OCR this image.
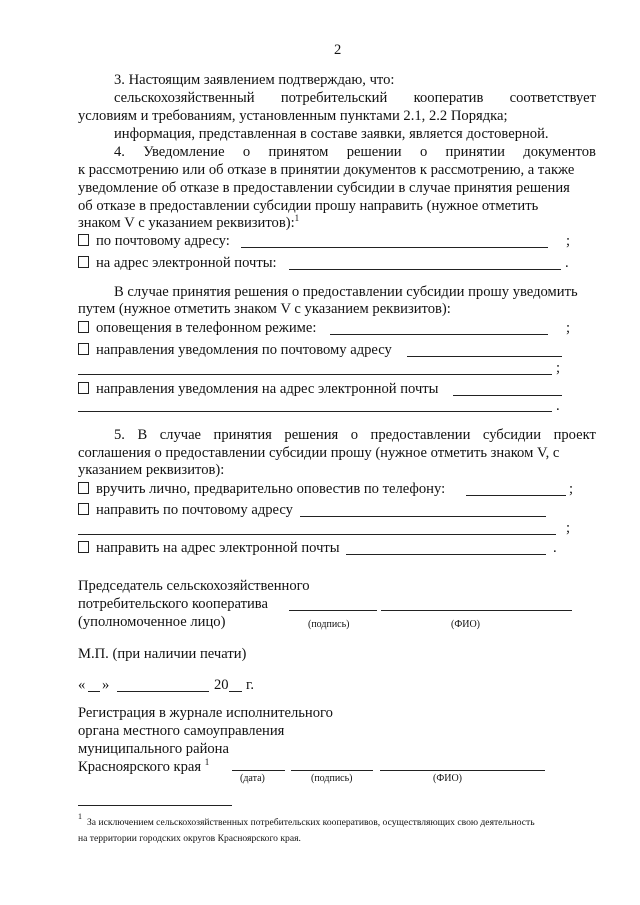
2
3. Настоящим заявлением подтверждаю, что:
сельскохозяйственный потребительский кооператив соответствует
условиям и требованиям, установленным пунктами 2.1, 2.2 Порядка;
информация, представленная в составе заявки, является достоверной.
4. Уведомление о принятом решении о принятии документов
к рассмотрению или об отказе в принятии документов к рассмотрению, а также
уведомление об отказе в предоставлении субсидии в случае принятия решения
об отказе в предоставлении субсидии прошу направить (нужное отметить
знаком V с указанием реквизитов):$^1$
по почтовому адресу:	;
на адрес электронной почты:	.
В случае принятия решения о предоставлении субсидии прошу уведомить
путем (нужное отметить знаком V с указанием реквизитов):
оповещения в телефонном режиме:	;
направления уведомления по почтовому адресу
;
направления уведомления на адрес электронной почты
.
5. В случае принятия решения о предоставлении субсидии проект
соглашения о предоставлении субсидии прошу (нужное отметить знаком V, с
указанием реквизитов):
вручить лично, предварительно оповестив по телефону:	;
направить по почтовому адресу
;
направить на адрес электронной почты	.
Председатель сельскохозяйственного
потребительского кооператива
(уполномоченное лицо)	(подпись)	(ФИО)
М.П. (при наличии печати)
« »	20 г.
Регистрация в журнале исполнительного
органа местного самоуправления
муниципального района
Красноярского края $^1$
(дата)	(подпись)	(ФИО)
1
За исключением сельскохозяйственных потребительских кооперативов, осуществляющих свою деятельность
на территории городских округов Красноярского края.
